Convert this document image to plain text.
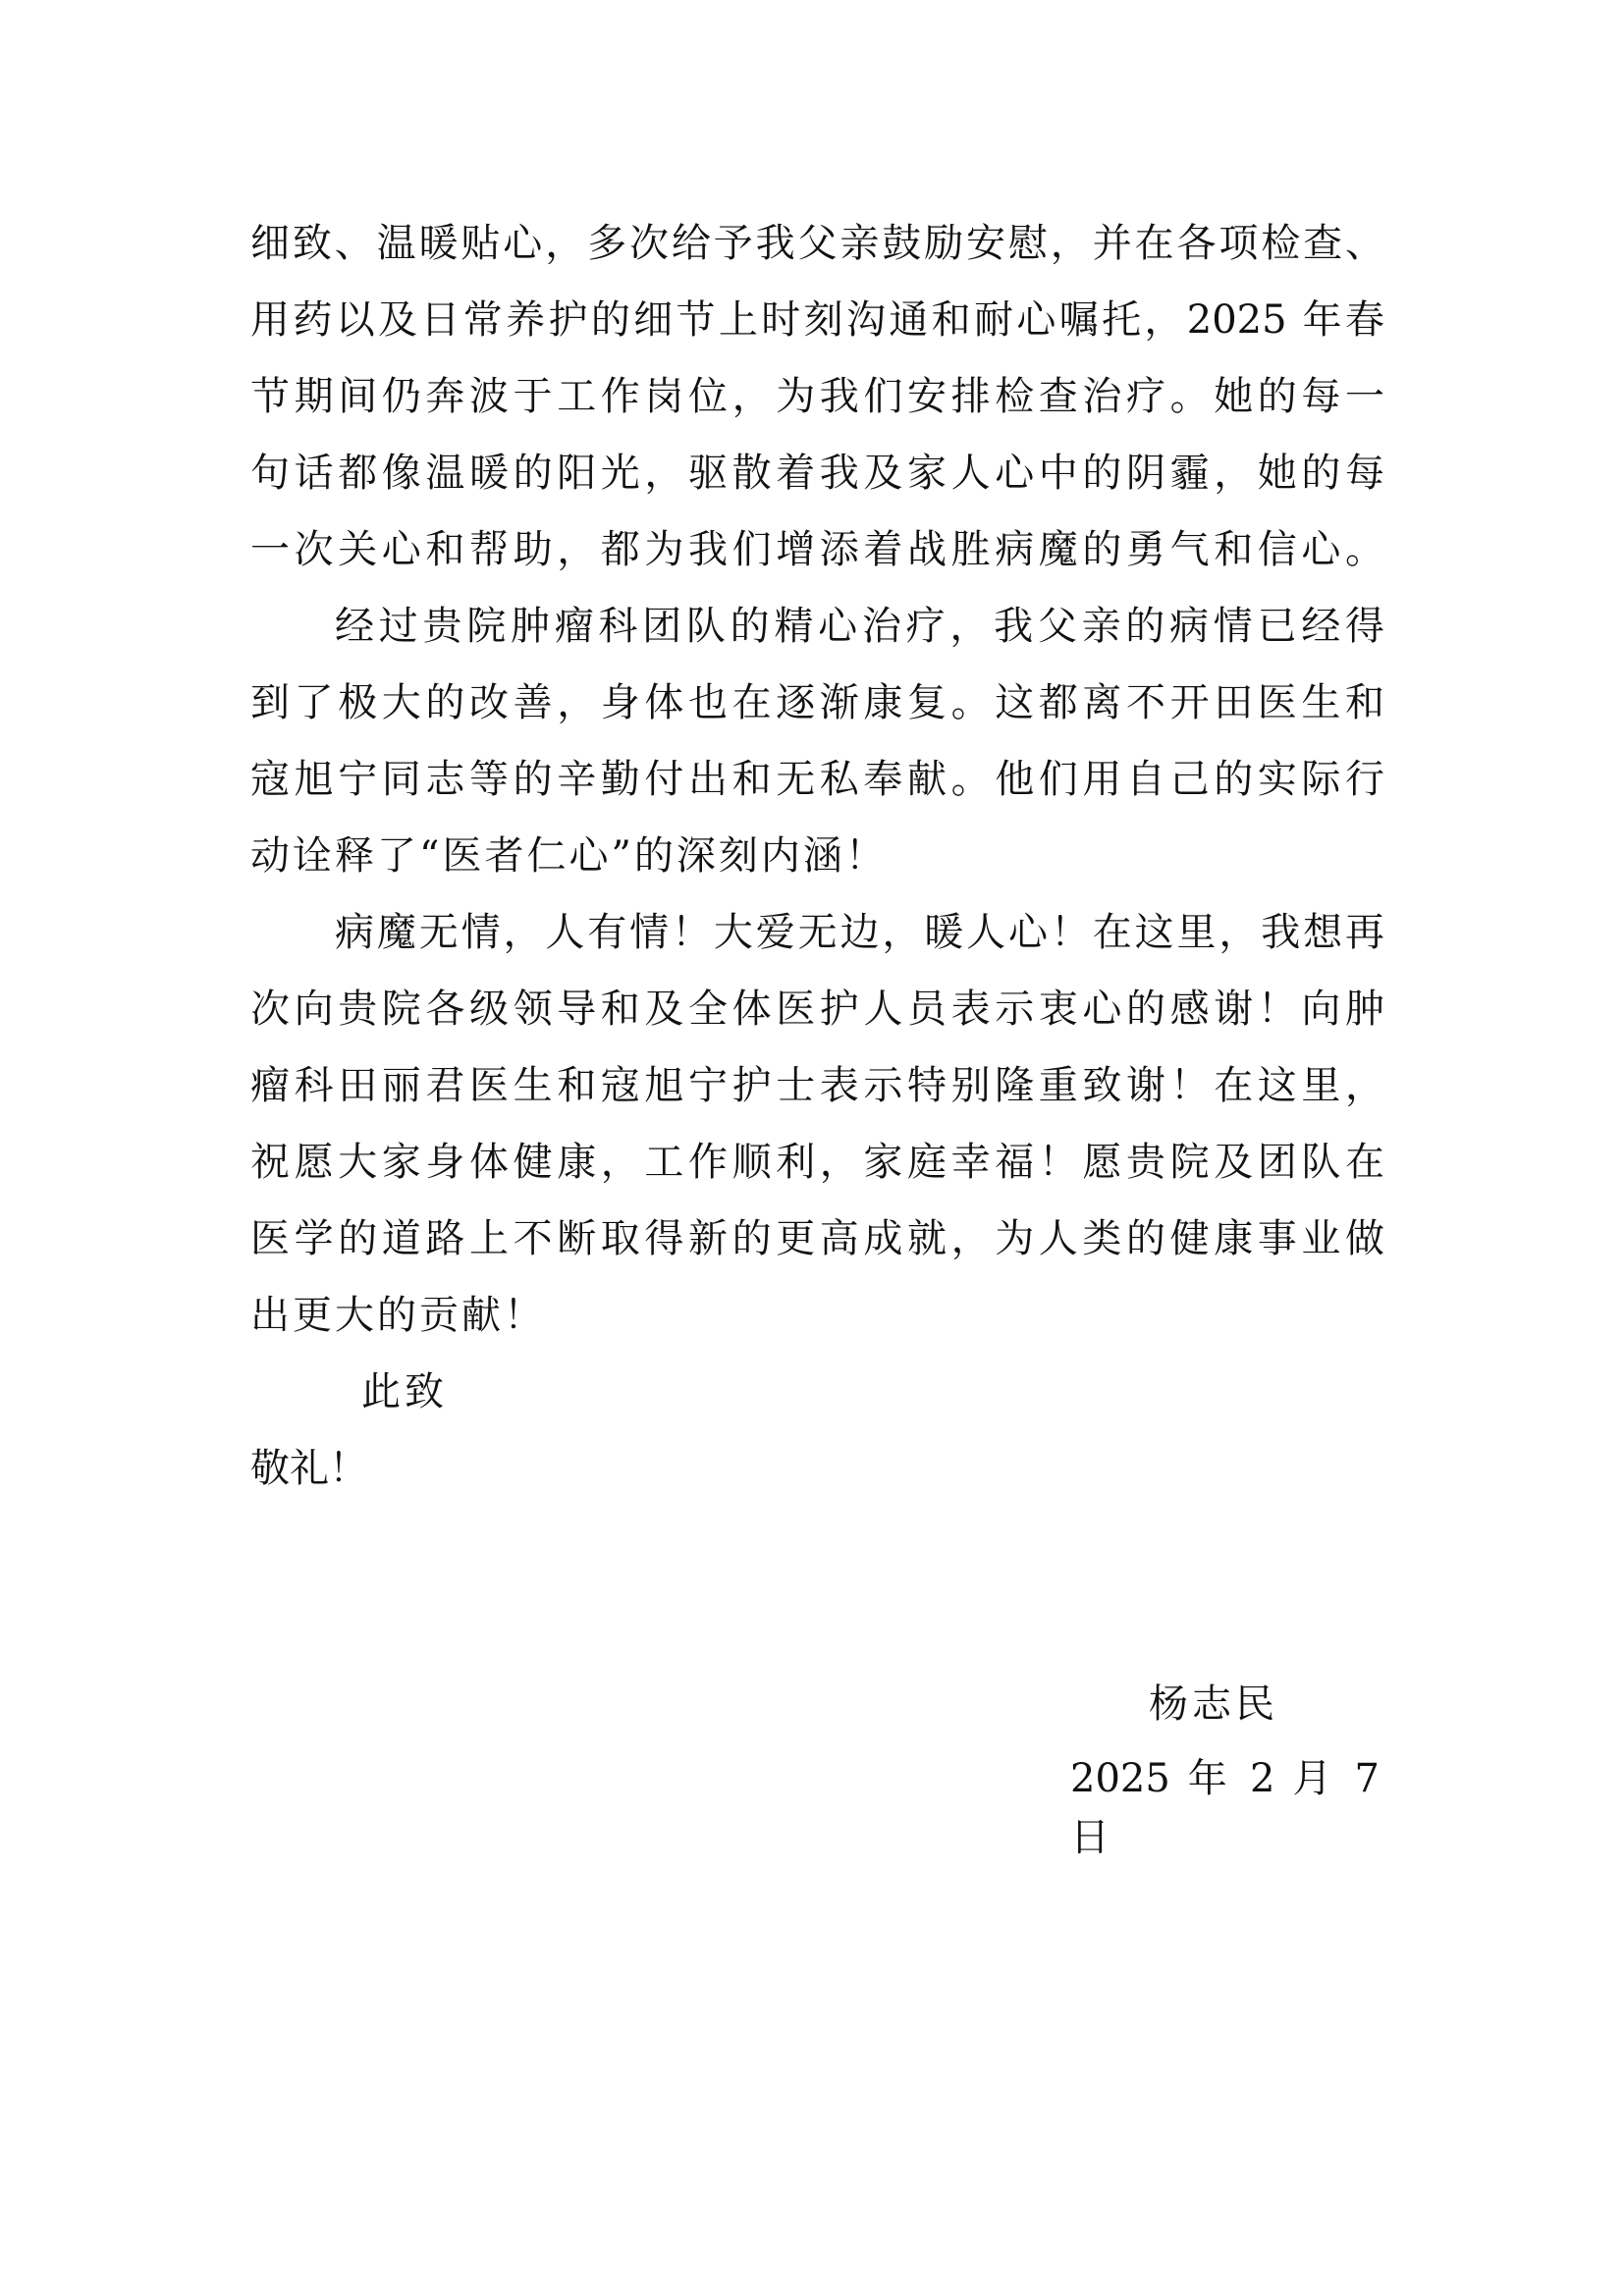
细致、温暖贴心，多次给予我父亲鼓励安慰，并在各项检查、
用药以及日常养护的细节上时刻沟通和耐心嘱托，2025 年春
节期间仍奔波于工作岗位，为我们安排检查治疗。她的每一
句话都像温暖的阳光，驱散着我及家人心中的阴霾，她的每
一次关心和帮助，都为我们增添着战胜病魔的勇气和信心。
经过贵院肿瘤科团队的精心治疗，我父亲的病情已经得
到了极大的改善，身体也在逐渐康复。这都离不开田医生和
寇旭宁同志等的辛勤付出和无私奉献。他们用自己的实际行
动诠释了“医者仁心”的深刻内涵！
病魔无情，人有情！大爱无边，暖人心！在这里，我想再
次向贵院各级领导和及全体医护人员表示衷心的感谢！向肿
瘤科田丽君医生和寇旭宁护士表示特别隆重致谢！在这里，
祝愿大家身体健康，工作顺利，家庭幸福！愿贵院及团队在
医学的道路上不断取得新的更高成就，为人类的健康事业做
出更大的贡献！
此致
敬礼！
杨志民
2025 年 2 月 7 日
